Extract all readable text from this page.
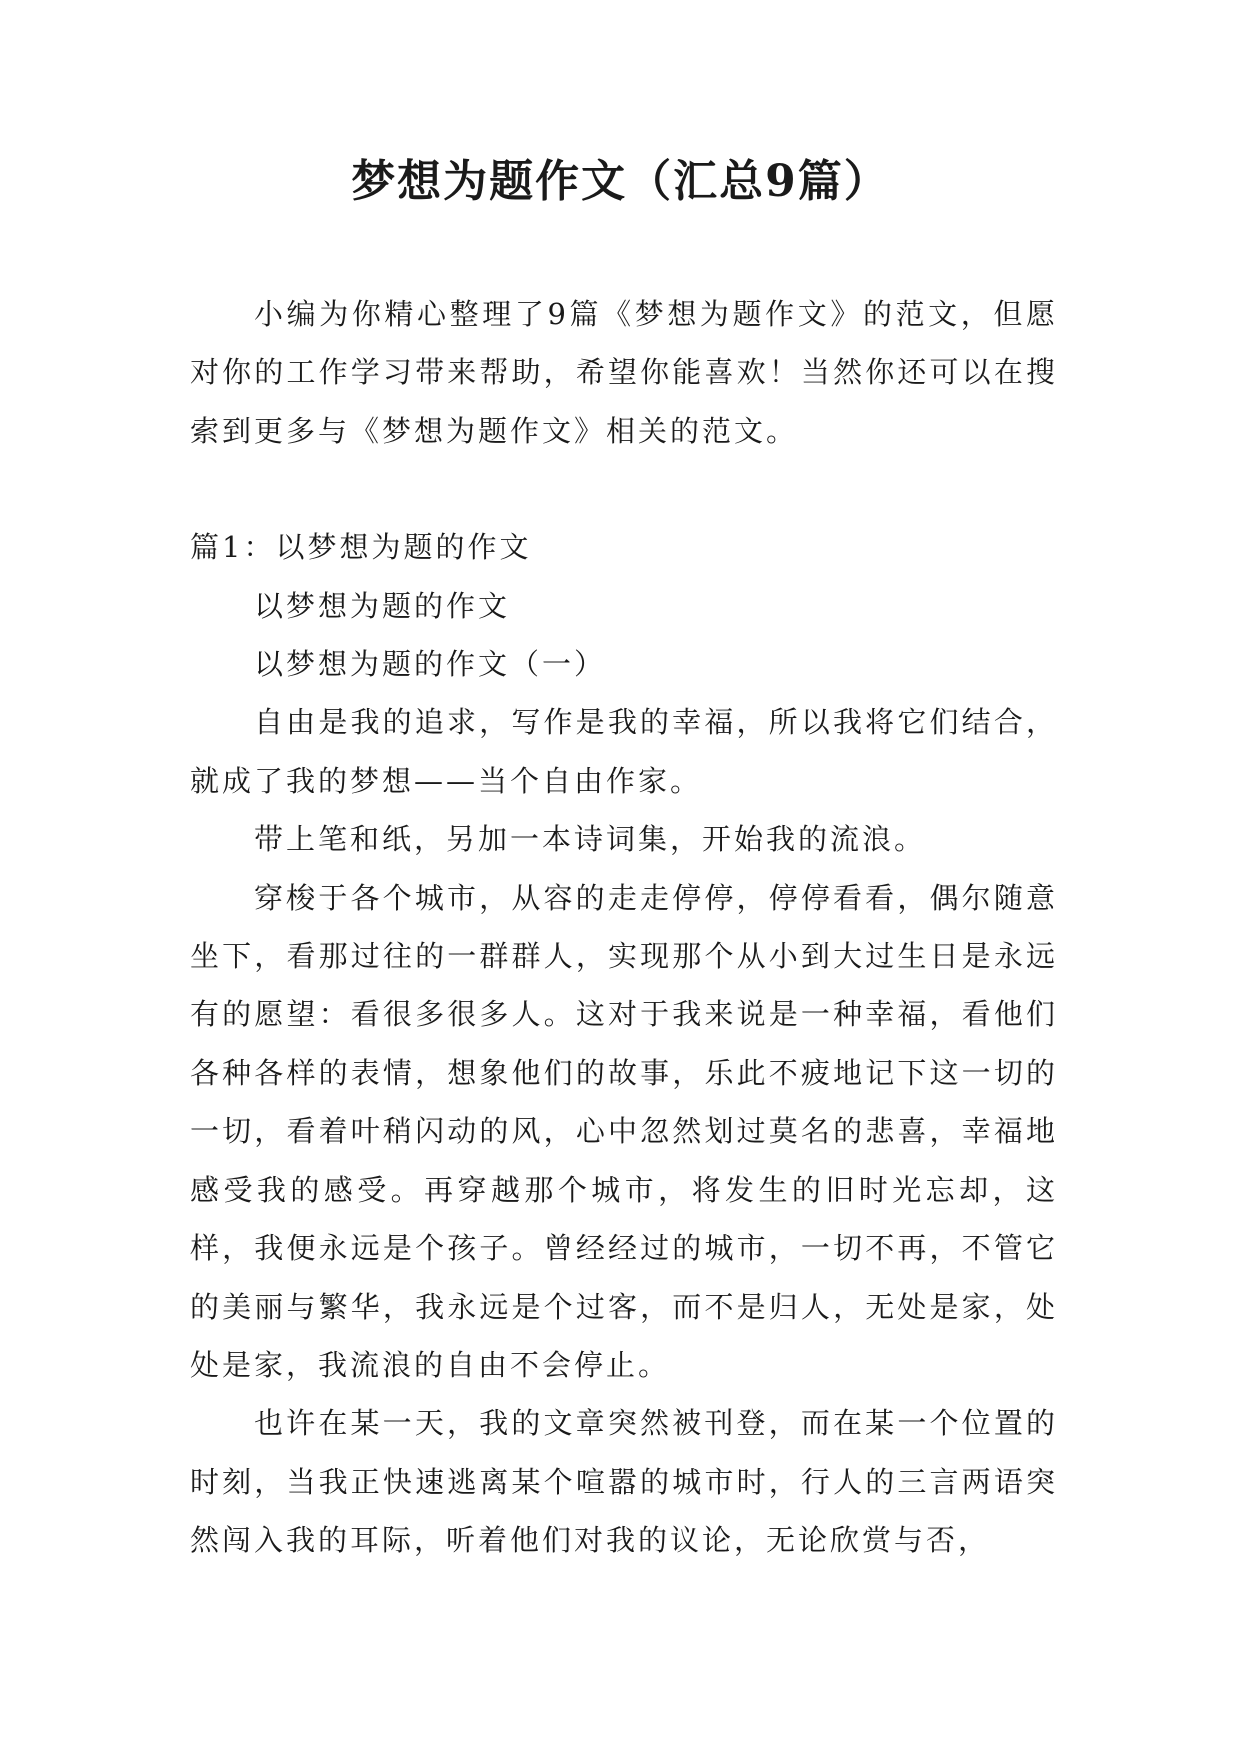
梦想为题作文（汇总9篇）

小编为你精心整理了9篇《梦想为题作文》的范文，但愿对你的工作学习带来帮助，希望你能喜欢！当然你还可以在搜索到更多与《梦想为题作文》相关的范文。

篇1：以梦想为题的作文

以梦想为题的作文

以梦想为题的作文（一）

自由是我的追求，写作是我的幸福，所以我将它们结合，就成了我的梦想——当个自由作家。

带上笔和纸，另加一本诗词集，开始我的流浪。

穿梭于各个城市，从容的走走停停，停停看看，偶尔随意坐下，看那过往的一群群人，实现那个从小到大过生日是永远有的愿望：看很多很多人。这对于我来说是一种幸福，看他们各种各样的表情，想象他们的故事，乐此不疲地记下这一切的一切，看着叶稍闪动的风，心中忽然划过莫名的悲喜，幸福地感受我的感受。再穿越那个城市，将发生的旧时光忘却，这样，我便永远是个孩子。曾经经过的城市，一切不再，不管它的美丽与繁华，我永远是个过客，而不是归人，无处是家，处处是家，我流浪的自由不会停止。

也许在某一天，我的文章突然被刊登，而在某一个位置的时刻，当我正快速逃离某个喧嚣的城市时，行人的三言两语突然闯入我的耳际，听着他们对我的议论，无论欣赏与否，
